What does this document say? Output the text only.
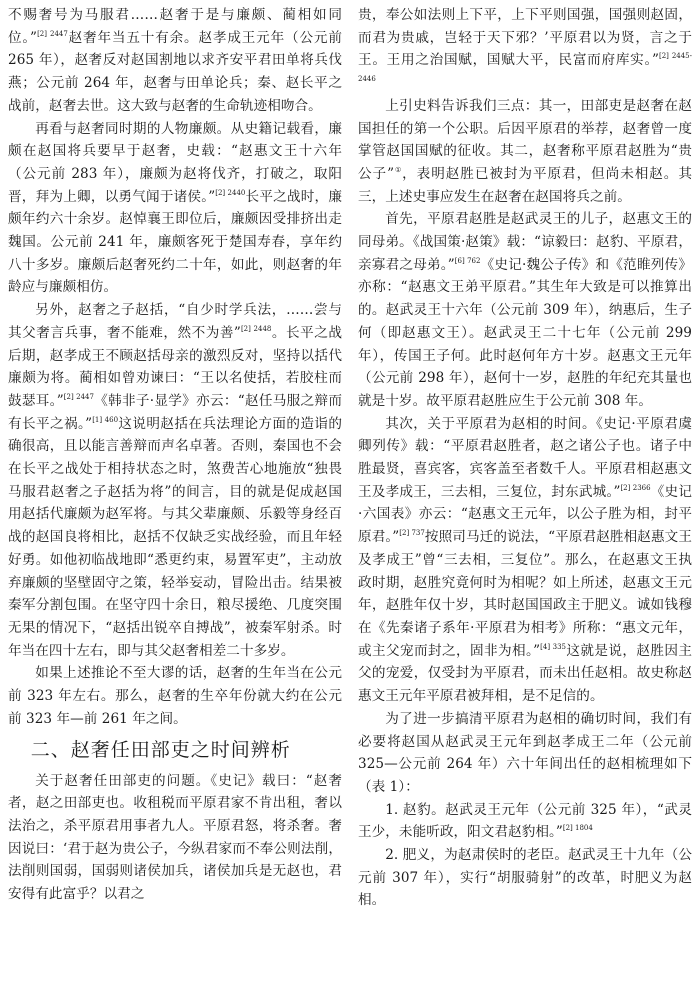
不赐奢号为马服君……赵奢于是与廉颇、蔺相如同位。”$^{[2] 2447}$赵奢年当五十有余。赵孝成王元年（公元前 265 年），赵奢反对赵国割地以求齐安平君田单将兵伐燕；公元前 264 年，赵奢与田单论兵；秦、赵长平之战前，赵奢去世。这大致与赵奢的生命轨迹相吻合。

再看与赵奢同时期的人物廉颇。从史籍记载看，廉颇在赵国将兵要早于赵奢，史载：“赵惠文王十六年（公元前 283 年），廉颇为赵将伐齐，打破之，取阳晋，拜为上卿，以勇气闻于诸侯。”$^{[2] 2440}$长平之战时，廉颇年约六十余岁。赵悼襄王即位后，廉颇因受排挤出走魏国。公元前 241 年，廉颇客死于楚国寿春，享年约八十多岁。廉颇后赵奢死约二十年，如此，则赵奢的年龄应与廉颇相仿。

另外，赵奢之子赵括，“自少时学兵法，……尝与其父奢言兵事，奢不能难，然不为善”$^{[2] 2448}$。长平之战后期，赵孝成王不顾赵括母亲的激烈反对，坚持以括代廉颇为将。蔺相如曾劝谏曰：“王以名使括，若胶柱而鼓瑟耳。”$^{[2] 2447}$《韩非子·显学》亦云：“赵任马服之辩而有长平之祸。”$^{[1] 460}$这说明赵括在兵法理论方面的造诣的确很高，且以能言善辩而声名卓著。否则，秦国也不会在长平之战处于相持状态之时，煞费苦心地施放“独畏马服君赵奢之子赵括为将”的间言，目的就是促成赵国用赵括代廉颇为赵军将。与其父辈廉颇、乐毅等身经百战的赵国良将相比，赵括不仅缺乏实战经验，而且年轻好勇。如他初临战地即“悉更约束，易置军吏”，主动放弃廉颇的坚壁固守之策，轻举妄动，冒险出击。结果被秦军分割包围。在坚守四十余日，粮尽援绝、几度突围无果的情况下，“赵括出锐卒自搏战”，被秦军射杀。时年当在四十左右，即与其父赵奢相差二十多岁。

如果上述推论不至大谬的话，赵奢的生年当在公元前 323 年左右。那么，赵奢的生卒年份就大约在公元前 323 年—前 261 年之间。

二、赵奢任田部吏之时间辨析

关于赵奢任田部吏的问题。《史记》载曰：“赵奢者，赵之田部吏也。收租税而平原君家不肯出租，奢以法治之，杀平原君用事者九人。平原君怒，将杀奢。奢因说曰：‘君于赵为贵公子，今纵君家而不奉公则法削，法削则国弱，国弱则诸侯加兵，诸侯加兵是无赵也，君安得有此富乎？以君之

贵，奉公如法则上下平，上下平则国强，国强则赵固，而君为贵戚，岂轻于天下邪？’平原君以为贤，言之于王。王用之治国赋，国赋大平，民富而府库实。”$^{[2] 2445-2446}$

上引史料告诉我们三点：其一，田部吏是赵奢在赵国担任的第一个公职。后因平原君的举荐，赵奢曾一度掌管赵国国赋的征收。其二，赵奢称平原君赵胜为“贵公子”①，表明赵胜已被封为平原君，但尚未相赵。其三，上述史事应发生在赵奢在赵国将兵之前。

首先，平原君赵胜是赵武灵王的儿子，赵惠文王的同母弟。《战国策·赵策》载：“谅毅曰：赵豹、平原君，亲寡君之母弟。”$^{[6] 762}$《史记·魏公子传》和《范睢列传》亦称：“赵惠文王弟平原君。”其生年大致是可以推算出的。赵武灵王十六年（公元前 309 年），纳惠后，生子何（即赵惠文王）。赵武灵王二十七年（公元前 299 年），传国王子何。此时赵何年方十岁。赵惠文王元年（公元前 298 年），赵何十一岁，赵胜的年纪充其量也就是十岁。故平原君赵胜应生于公元前 308 年。

其次，关于平原君为赵相的时间。《史记·平原君虞卿列传》载：“平原君赵胜者，赵之诸公子也。诸子中胜最贤，喜宾客，宾客盖至者数千人。平原君相赵惠文王及孝成王，三去相，三复位，封东武城。”$^{[2] 2366}$《史记·六国表》亦云：“赵惠文王元年，以公子胜为相，封平原君。”$^{[2] 737}$按照司马迁的说法，“平原君赵胜相赵惠文王及孝成王”曾“三去相，三复位”。那么，在赵惠文王执政时期，赵胜究竟何时为相呢？如上所述，赵惠文王元年，赵胜年仅十岁，其时赵国国政主于肥义。诚如钱穆在《先秦诸子系年·平原君为相考》所称：“惠文元年，或主父宠而封之，固非为相。”$^{[4] 335}$这就是说，赵胜因主父的宠爱，仅受封为平原君，而未出任赵相。故史称赵惠文王元年平原君被拜相，是不足信的。

为了进一步搞清平原君为赵相的确切时间，我们有必要将赵国从赵武灵王元年到赵孝成王二年（公元前 325—公元前 264 年）六十年间出任的赵相梳理如下（表 1）：

1. 赵豹。赵武灵王元年（公元前 325 年），“武灵王少，未能听政，阳文君赵豹相。”$^{[2] 1804}$

2. 肥义，为赵肃侯时的老臣。赵武灵王十九年（公元前 307 年），实行“胡服骑射”的改革，时肥义为赵相。
